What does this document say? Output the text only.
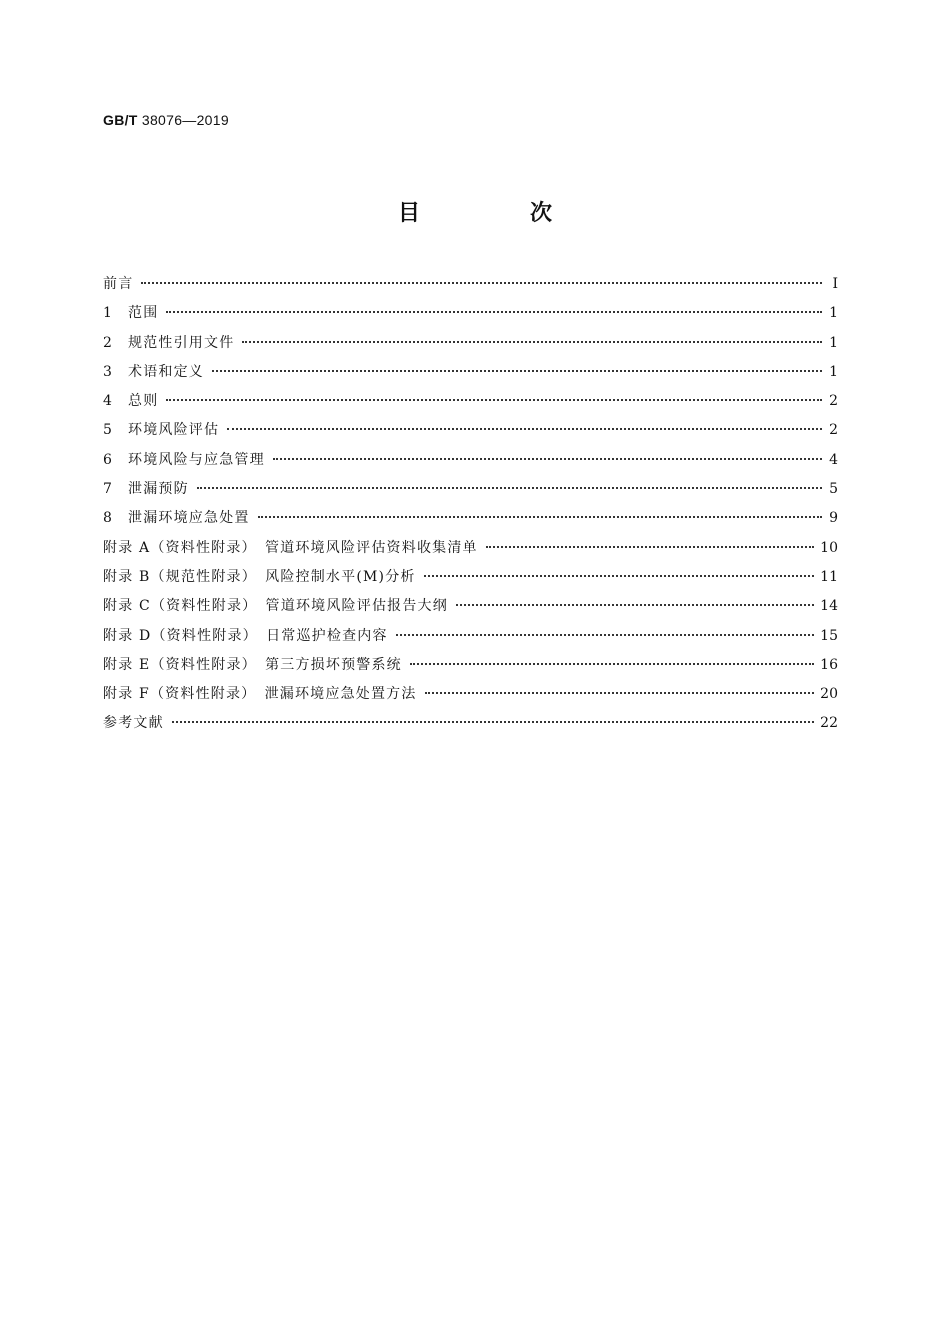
GB/T 38076—2019
目　次
前言	Ⅰ
1	范围	1
2	规范性引用文件	1
3	术语和定义	1
4	总则	2
5	环境风险评估	2
6	环境风险与应急管理	4
7	泄漏预防	5
8	泄漏环境应急处置	9
附录 A（资料性附录）　管道环境风险评估资料收集清单	10
附录 B（规范性附录）　风险控制水平(M)分析	11
附录 C（资料性附录）　管道环境风险评估报告大纲	14
附录 D（资料性附录）　日常巡护检查内容	15
附录 E（资料性附录）　第三方损坏预警系统	16
附录 F（资料性附录）　泄漏环境应急处置方法	20
参考文献	22
